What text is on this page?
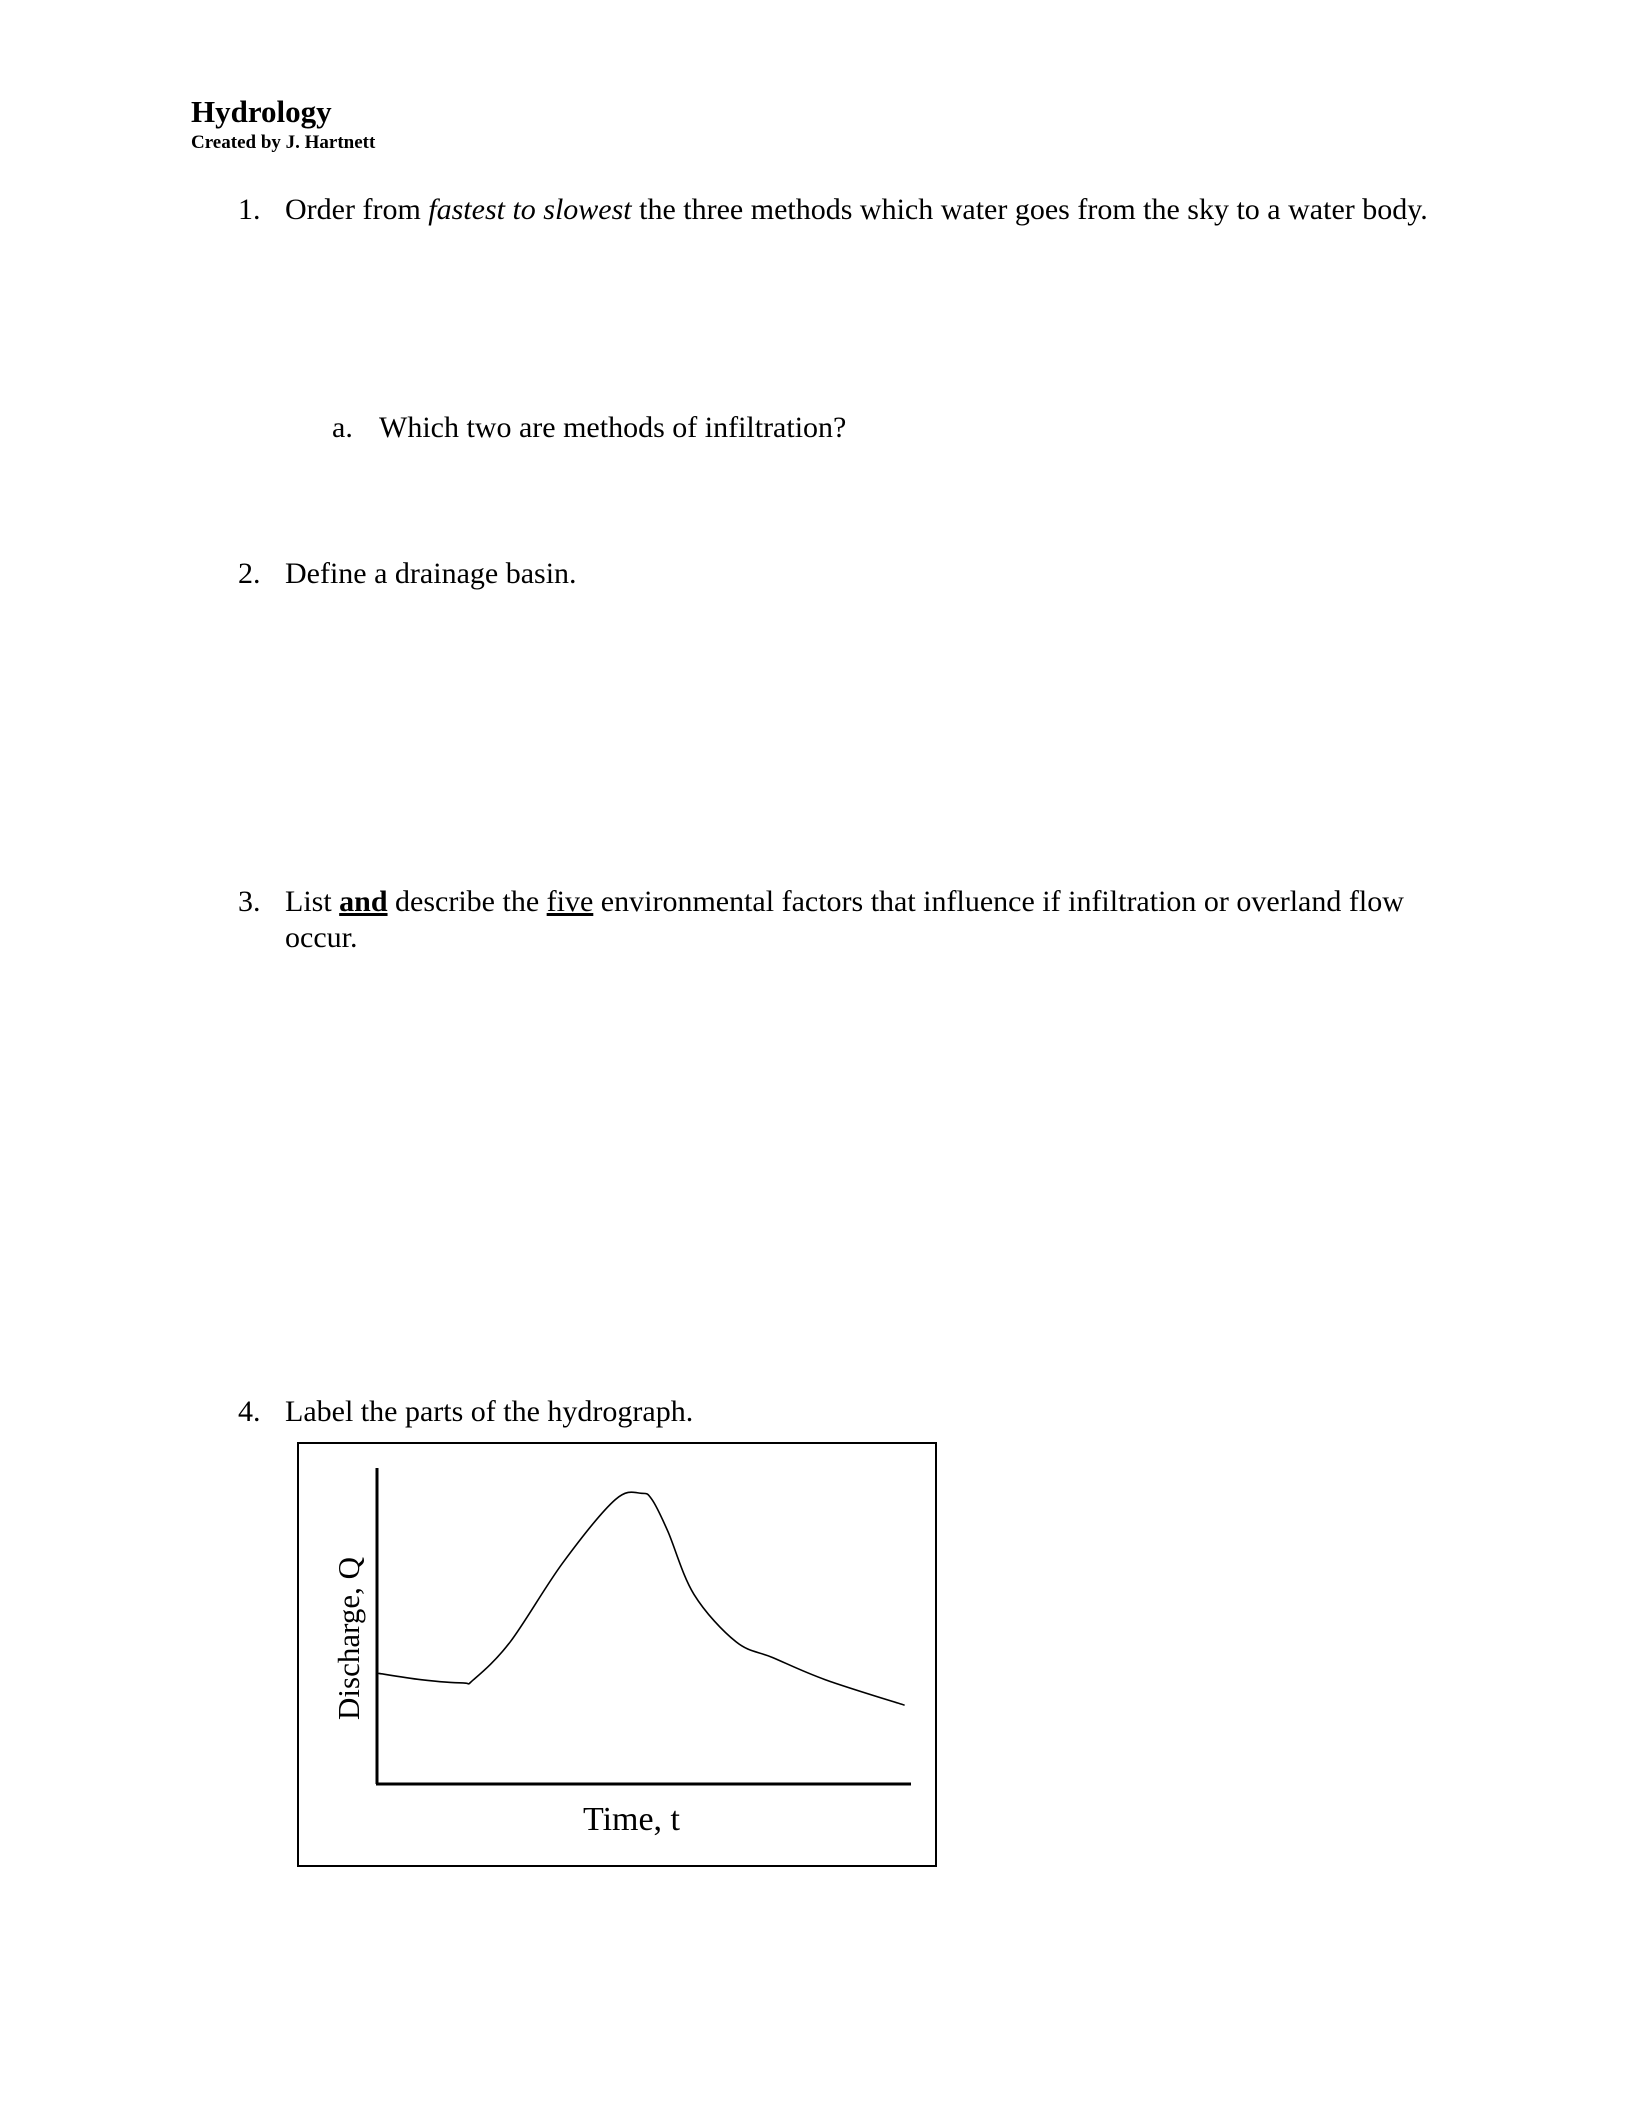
Hydrology
Created by J. Hartnett
1. Order from fastest to slowest the three methods which water goes from the sky to a water body.
a. Which two are methods of infiltration?
2. Define a drainage basin.
3. List and describe the five environmental factors that influence if infiltration or overland flow occur.
4. Label the parts of the hydrograph.
Discharge, Q
Time, t
